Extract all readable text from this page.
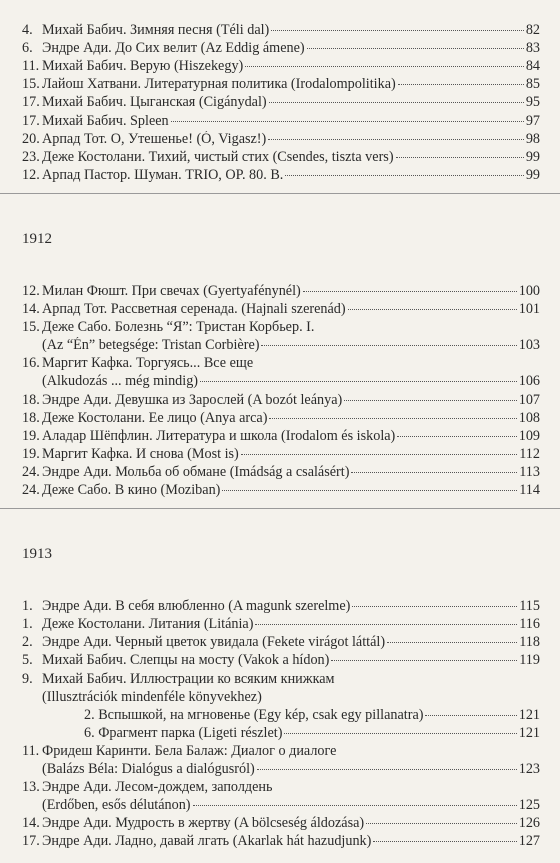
4. Михай Бабич. Зимняя песня (Téli dal)	82
6. Эндре Ади. До Сих велит (Az Eddig ámene)	83
11. Михай Бабич. Верую (Hiszekegy)	84
15. Лайош Хатвани. Литературная политика (Irodalompolitika)	85
17. Михай Бабич. Цыганская (Cigánydal)	95
17. Михай Бабич. Spleen	97
20. Арпад Тот. О, Утешенье! (Ó, Vigasz!)	98
23. Деже Костолани. Тихий, чистый стих (Csendes, tiszta vers)	99
12. Арпад Пастор. Шуман. TRIO, OP. 80. B.	99
1912
12. Милан Фюшт. При свечах (Gyertyafénynél)	100
14. Арпад Тот. Рассветная серенада. (Hajnali szerenád)	101
15. Деже Сабо. Болезнь “Я”: Тристан Корбьер. I.
(Az “Én” betegsége: Tristan Corbière)	103
16. Маргит Кафка. Торгуясь... Все еще
(Alkudozás ... még mindig)	106
18. Эндре Ади. Девушка из Зарослей (A bozót leánya)	107
18. Деже Костолани. Ее лицо (Anya arca)	108
19. Аладар Шёпфлин. Литература и школа (Irodalom és iskola)	109
19. Маргит Кафка. И снова (Most is)	112
24. Эндре Ади. Мольба об обмане (Imádság a csalásért)	113
24. Деже Сабо. В кино (Moziban)	114
1913
1. Эндре Ади. В себя влюбленно (A magunk szerelme)	115
1. Деже Костолани. Литания (Litánia)	116
2. Эндре Ади. Черный цветок увидала (Fekete virágot láttál)	118
5. Михай Бабич. Слепцы на мосту (Vakok a hídon)	119
9. Михай Бабич. Иллюстрации ко всяким книжкам
(Illusztrációk mindenféle könyvekhez)
2. Вспышкой, на мгновенье (Egy kép, csak egy pillanatra)	121
6. Фрагмент парка (Ligeti részlet)	121
11. Фридеш Каринти. Бела Балаж: Диалог о диалоге
(Balázs Béla: Dialógus a dialógusról)	123
13. Эндре Ади. Лесом-дождем, заполдень
(Erdőben, esős délutánon)	125
14. Эндре Ади. Мудрость в жертву (A bölcseség áldozása)	126
17. Эндре Ади. Ладно, давай лгать (Akarlak hát hazudjunk)	127
